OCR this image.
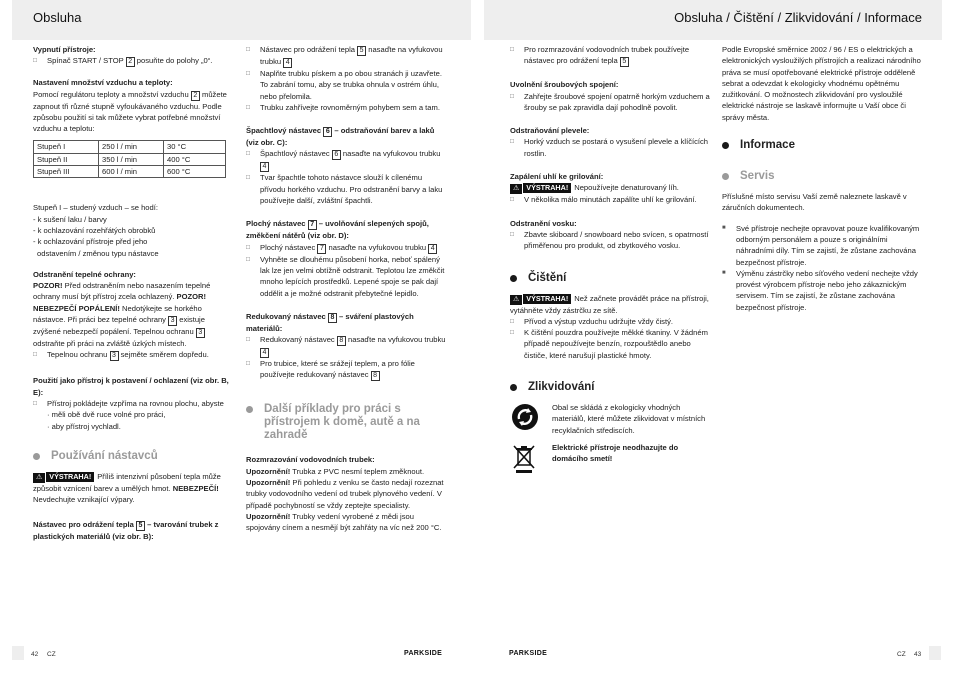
Obsluha	Obsluha / Čištění / Zlikvidování / Informace

Vypnutí přístroje:

□ Spínač START / STOP 2 posuňte do polohy „0“.

Nastavení množství vzduchu a teploty:

Pomocí regulátoru teploty a množství vzduchu 2 můžete zapnout tři různé stupně vyfoukávaného vzduchu. Podle způsobu použití si tak můžete vybrat potřebné množství vzduchu a teplotu:

Stupeň I	250 l / min	30 °C
Stupeň II	350 l / min	400 °C
Stupeň III	600 l / min	600 °C

Stupeň I – studený vzduch – se hodí:

- k sušení laku / barvy

- k ochlazování rozehřátých obrobků

- k ochlazování přístroje před jeho

odstavením / změnou typu nástavce

Odstranění tepelné ochrany:

POZOR! Před odstraněním nebo nasazením tepelné ochrany musí být přístroj zcela ochlazený. POZOR! NEBEZPEČÍ POPÁLENÍ! Nedotýkejte se horkého nástavce. Při práci bez tepelné ochrany 3 existuje zvýšené nebezpečí popálení. Tepelnou ochranu 3 odstraňte při práci na zvláště úzkých místech.

□ Tepelnou ochranu 3 sejměte směrem dopředu.

Použití jako přístroj k postavení / ochlazení (viz obr. B, E):

□ Přístroj pokládejte vzpříma na rovnou plochu, abyste

· měli obě dvě ruce volné pro práci,

· aby přístroj vychladl.

Používání nástavců

⚠ VÝSTRAHA! Příliš intenzivní působení tepla může způsobit vznícení barev a umělých hmot. NEBEZPEČÍ! Nevdechujte vznikající výpary.

Nástavec pro odrážení tepla 5 – tvarování trubek z plastických materiálů (viz obr. B):

□ Nástavec pro odrážení tepla 5 nasaďte na vyfukovou trubku 4

□ Naplňte trubku pískem a po obou stranách ji uzavřete. To zabrání tomu, aby se trubka ohnula v ostrém úhlu, nebo přelomila.

□ Trubku zahřívejte rovnoměrným pohybem sem a tam.

Špachtlový nástavec 6 – odstraňování barev a laků (viz obr. C):

□ Špachtlový nástavec 6 nasaďte na vyfukovou trubku 4

□ Tvar špachtle tohoto nástavce slouží k cílenému přívodu horkého vzduchu. Pro odstranění barvy a laku používejte další, zvláštní špachtli.

Plochý nástavec 7 – uvolňování slepených spojů, změkčení nátěrů (viz obr. D):

□ Plochý nástavec 7 nasaďte na vyfukovou trubku 4

□ Vyhněte se dlouhému působení horka, neboť spálený lak lze jen velmi obtížně odstranit. Teplotou lze změkčit mnoho lepících prostředků. Lepené spoje se pak dají oddělit a je možné odstranit přebytečné lepidlo.

Redukovaný nástavec 8 – sváření plastových materiálů:

□ Redukovaný nástavec 8 nasaďte na vyfukovou trubku 4

□ Pro trubice, které se srážejí teplem, a pro fólie používejte redukovaný nástavec 8

Další příklady pro práci s přístrojem k domě, autě a na zahradě

Rozmrazování vodovodních trubek:

Upozornění! Trubka z PVC nesmí teplem změknout.

Upozornění! Při pohledu z venku se často nedají rozeznat trubky vodovodního vedení od trubek plynového vedení. V případě pochybností se vždy zeptejte specialisty.

Upozornění! Trubky vedení vyrobené z mědi jsou spojovány cínem a nesmějí být zahřáty na víc než 200 °C.

□ Pro rozmrazování vodovodních trubek používejte nástavec pro odrážení tepla 5

Uvolnění šroubových spojení:

□ Zahřejte šroubové spojení opatrně horkým vzduchem a šrouby se pak zpravidla dají pohodlně povolit.

Odstraňování plevele:

□ Horký vzduch se postará o vysušení plevele a klíčících rostlin.

Zapálení uhlí ke grilování:

⚠ VÝSTRAHA! Nepoužívejte denaturovaný líh.

□ V několika málo minutách zapálíte uhlí ke grilování.

Odstranění vosku:

□ Zbavte skiboard / snowboard nebo svícen, s opatrností přiměřenou pro produkt, od zbytkového vosku.

Čištění

⚠ VÝSTRAHA! Než začnete provádět práce na přístroji, vytáhněte vždy zástrčku ze sítě.

□ Přívod a výstup vzduchu udržujte vždy čistý.

□ K čištění pouzdra používejte měkké tkaniny. V žádném případě nepoužívejte benzín, rozpouštědlo anebo čističe, které narušují plastické hmoty.

Zlikvidování

Obal se skládá z ekologicky vhodných materiálů, které můžete zlikvidovat v místních recyklačních střediscích.

Elektrické přístroje neodhazujte do domácího smetí!

Podle Evropské směrnice 2002 / 96 / ES o elektrických a elektronických vysloužilých přístrojích a realizaci národního práva se musí opotřebované elektrické přístroje odděleně sebrat a odevzdat k ekologicky vhodnému opětnému zužitkování. O možnostech zlikvidování pro vysloužilé elektrické nástroje se laskavě informujte u Vaší obce či správy města.

Informace
Servis

Příslušné místo servisu Vaší země naleznete laskavě v záručních dokumentech.

■ Své přístroje nechejte opravovat pouze kvalifikovaným odborným personálem a pouze s originálními náhradními díly. Tím se zajistí, že zůstane zachována bezpečnost přístroje.

■ Výměnu zástrčky nebo síťového vedení nechejte vždy provést výrobcem přístroje nebo jeho zákaznickým servisem. Tím se zajistí, že zůstane zachována bezpečnost přístroje.

42 CZ	PARKSIDE	PARKSIDE	CZ 43
